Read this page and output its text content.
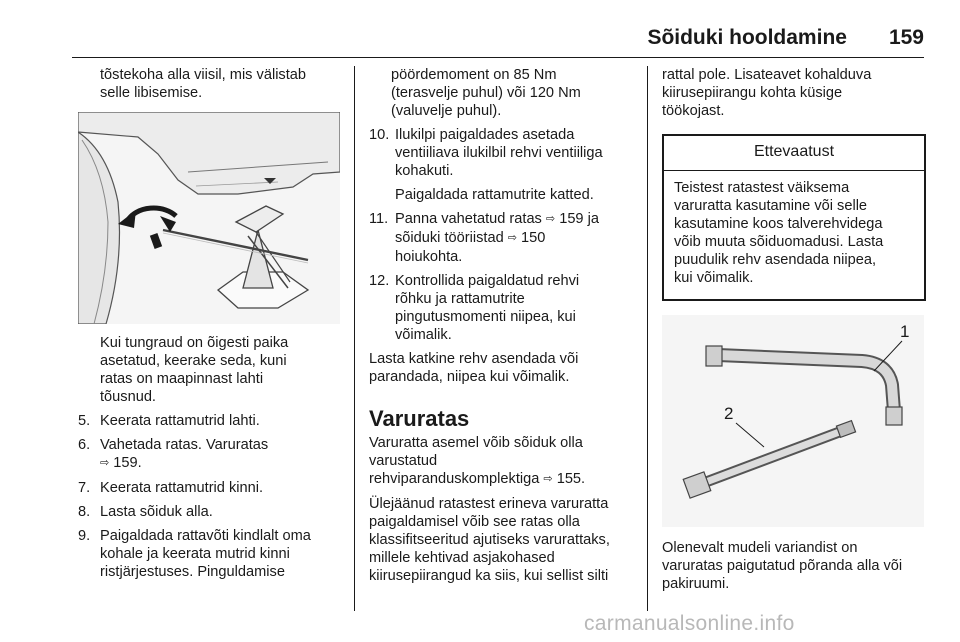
Sõiduki hooldamine 159

tõstekoha alla viisil, mis välistab

selle libisemise.

Kui tungraud on õigesti paika

asetatud, keerake seda, kuni

ratas on maapinnast lahti

tõusnud.

5. Keerata rattamutrid lahti.

6. Vahetada ratas. Varuratas

⇨ 159.

7. Keerata rattamutrid kinni.

8. Lasta sõiduk alla.

9. Paigaldada rattavõti kindlalt oma

kohale ja keerata mutrid kinni

ristjärjestuses. Pinguldamise

pöördemoment on 85 Nm

(terasvelje puhul) või 120 Nm

(valuvelje puhul).

10. Ilukilpi paigaldades asetada

ventiiliava ilukilbil rehvi ventiiliga

kohakuti.

Paigaldada rattamutrite katted.

11. Panna vahetatud ratas ⇨ 159 ja

sõiduki tööriistad ⇨ 150

hoiukohta.

12. Kontrollida paigaldatud rehvi

rõhku ja rattamutrite

pingutusmomenti niipea, kui

võimalik.

Lasta katkine rehv asendada või

parandada, niipea kui võimalik.

Varuratas

Varuratta asemel võib sõiduk olla

varustatud

rehviparanduskomplektiga ⇨ 155.

Ülejäänud ratastest erineva varuratta

paigaldamisel võib see ratas olla

klassifitseeritud ajutiseks varurattaks,

millele kehtivad asjakohased

kiirusepiirangud ka siis, kui sellist silti

rattal pole. Lisateavet kohalduva

kiirusepiirangu kohta küsige

töökojast.

Ettevaatust

Teistest ratastest väiksema

varuratta kasutamine või selle

kasutamine koos talverehvidega

võib muuta sõiduomadusi. Lasta

puudulik rehv asendada niipea,

kui võimalik.

1
2

Olenevalt mudeli variandist on

varuratas paigutatud põranda alla või

pakiruumi.

carmanualsonline.info
